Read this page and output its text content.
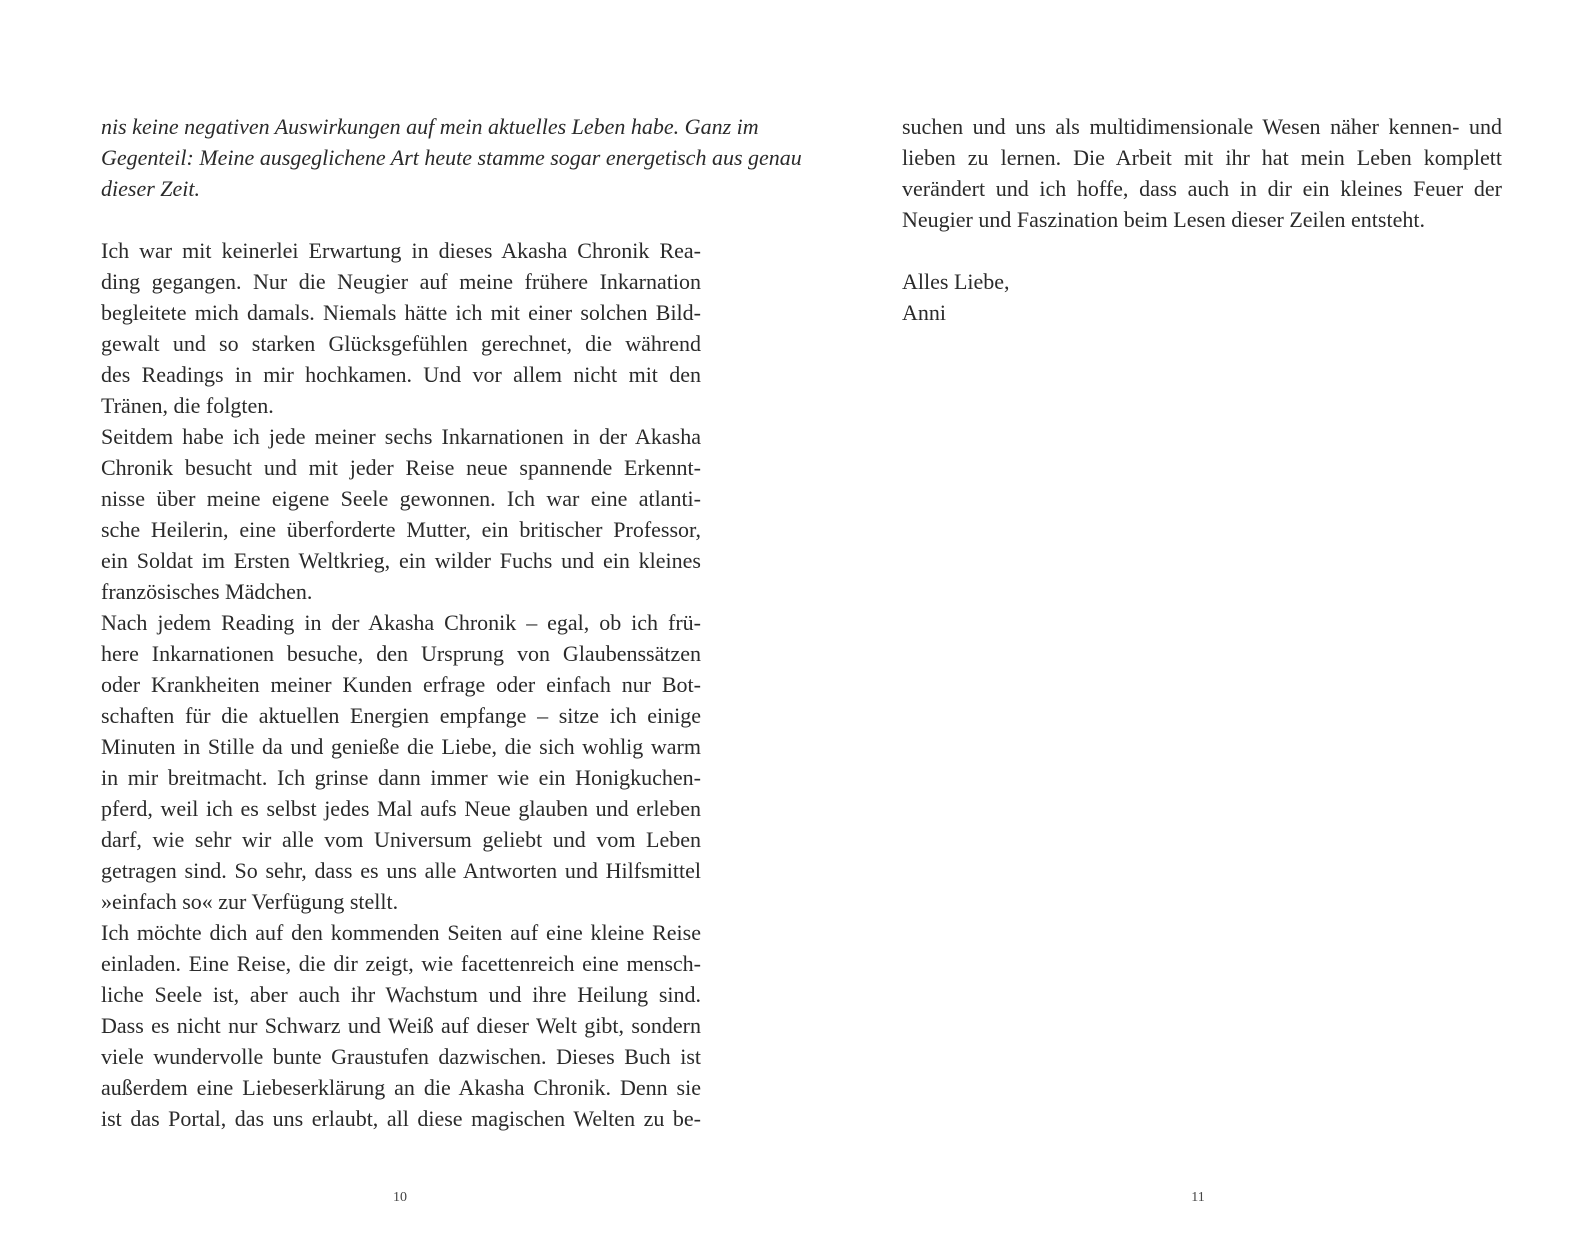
nis keine negativen Auswirkungen auf mein aktuelles Leben habe. Ganz im
Gegenteil: Meine ausgeglichene Art heute stamme sogar energetisch aus genau
dieser Zeit.
Ich war mit keinerlei Erwartung in dieses Akasha Chronik Rea-
ding gegangen. Nur die Neugier auf meine frühere Inkarnation
begleitete mich damals. Niemals hätte ich mit einer solchen Bild-
gewalt und so starken Glücksgefühlen gerechnet, die während
des Readings in mir hochkamen. Und vor allem nicht mit den
Tränen, die folgten.
Seitdem habe ich jede meiner sechs Inkarnationen in der Akasha
Chronik besucht und mit jeder Reise neue spannende Erkennt-
nisse über meine eigene Seele gewonnen. Ich war eine atlanti-
sche Heilerin, eine überforderte Mutter, ein britischer Professor,
ein Soldat im Ersten Weltkrieg, ein wilder Fuchs und ein kleines
französisches Mädchen.
Nach jedem Reading in der Akasha Chronik – egal, ob ich frü-
here Inkarnationen besuche, den Ursprung von Glaubenssätzen
oder Krankheiten meiner Kunden erfrage oder einfach nur Bot-
schaften für die aktuellen Energien empfange – sitze ich einige
Minuten in Stille da und genieße die Liebe, die sich wohlig warm
in mir breitmacht. Ich grinse dann immer wie ein Honigkuchen-
pferd, weil ich es selbst jedes Mal aufs Neue glauben und erleben
darf, wie sehr wir alle vom Universum geliebt und vom Leben
getragen sind. So sehr, dass es uns alle Antworten und Hilfsmittel
»einfach so« zur Verfügung stellt.
Ich möchte dich auf den kommenden Seiten auf eine kleine Reise
einladen. Eine Reise, die dir zeigt, wie facettenreich eine mensch-
liche Seele ist, aber auch ihr Wachstum und ihre Heilung sind.
Dass es nicht nur Schwarz und Weiß auf dieser Welt gibt, sondern
viele wundervolle bunte Graustufen dazwischen. Dieses Buch ist
außerdem eine Liebeserklärung an die Akasha Chronik. Denn sie
ist das Portal, das uns erlaubt, all diese magischen Welten zu be-
10
suchen und uns als multidimensionale Wesen näher kennen- und
lieben zu lernen. Die Arbeit mit ihr hat mein Leben komplett
verändert und ich hoffe, dass auch in dir ein kleines Feuer der
Neugier und Faszination beim Lesen dieser Zeilen entsteht.
Alles Liebe,
Anni
11
